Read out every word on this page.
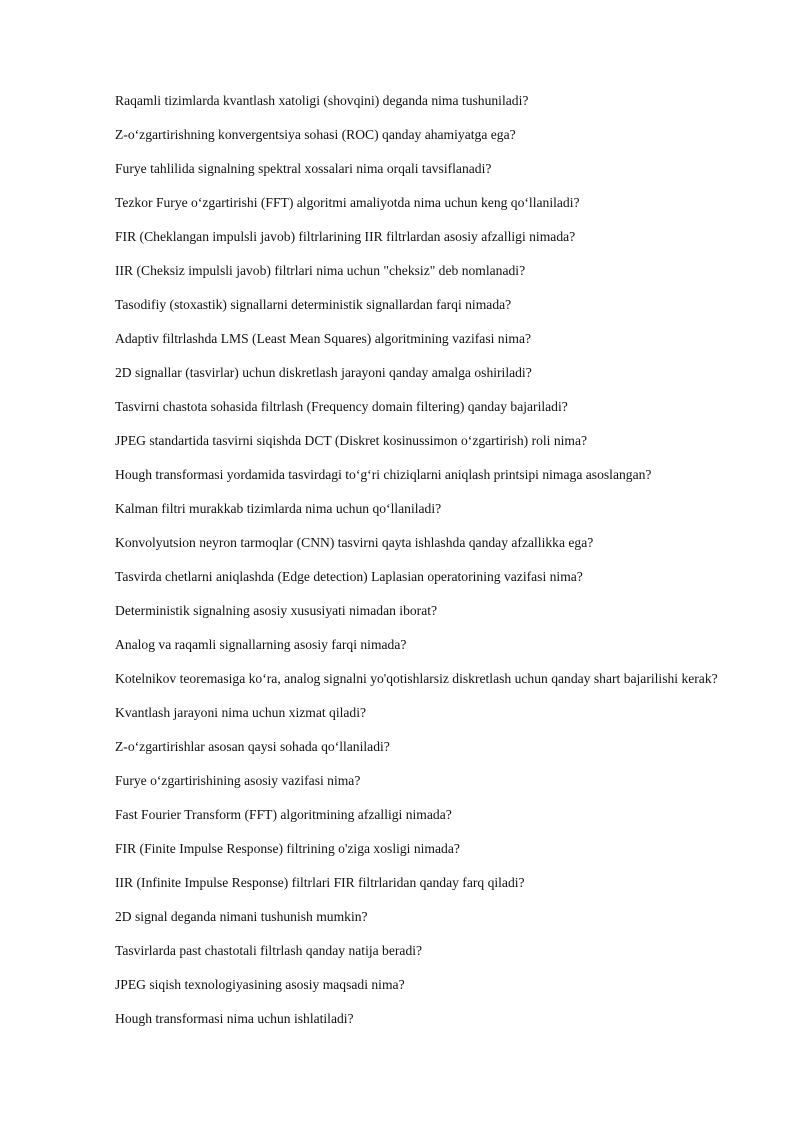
Raqamli tizimlarda kvantlash xatoligi (shovqini) deganda nima tushuniladi?
Z-o‘zgartirishning konvergentsiya sohasi (ROC) qanday ahamiyatga ega?
Furye tahlilida signalning spektral xossalari nima orqali tavsiflanadi?
Tezkor Furye o‘zgartirishi (FFT) algoritmi amaliyotda nima uchun keng qo‘llaniladi?
FIR (Cheklangan impulsli javob) filtrlarining IIR filtrlardan asosiy afzalligi nimada?
IIR (Cheksiz impulsli javob) filtrlari nima uchun "cheksiz" deb nomlanadi?
Tasodifiy (stoxastik) signallarni deterministik signallardan farqi nimada?
Adaptiv filtrlashda LMS (Least Mean Squares) algoritmining vazifasi nima?
2D signallar (tasvirlar) uchun diskretlash jarayoni qanday amalga oshiriladi?
Tasvirni chastota sohasida filtrlash (Frequency domain filtering) qanday bajariladi?
JPEG standartida tasvirni siqishda DCT (Diskret kosinussimon o‘zgartirish) roli nima?
Hough transformasi yordamida tasvirdagi to‘g‘ri chiziqlarni aniqlash printsipi nimaga asoslangan?
Kalman filtri murakkab tizimlarda nima uchun qo‘llaniladi?
Konvolyutsion neyron tarmoqlar (CNN) tasvirni qayta ishlashda qanday afzallikka ega?
Tasvirda chetlarni aniqlashda (Edge detection) Laplasian operatorining vazifasi nima?
Deterministik signalning asosiy xususiyati nimadan iborat?
Analog va raqamli signallarning asosiy farqi nimada?
Kotelnikov teoremasiga ko‘ra, analog signalni yo'qotishlarsiz diskretlash uchun qanday shart bajarilishi kerak?
Kvantlash jarayoni nima uchun xizmat qiladi?
Z-o‘zgartirishlar asosan qaysi sohada qo‘llaniladi?
Furye o‘zgartirishining asosiy vazifasi nima?
Fast Fourier Transform (FFT) algoritmining afzalligi nimada?
FIR (Finite Impulse Response) filtrining o'ziga xosligi nimada?
IIR (Infinite Impulse Response) filtrlari FIR filtrlaridan qanday farq qiladi?
2D signal deganda nimani tushunish mumkin?
Tasvirlarda past chastotali filtrlash qanday natija beradi?
JPEG siqish texnologiyasining asosiy maqsadi nima?
Hough transformasi nima uchun ishlatiladi?
